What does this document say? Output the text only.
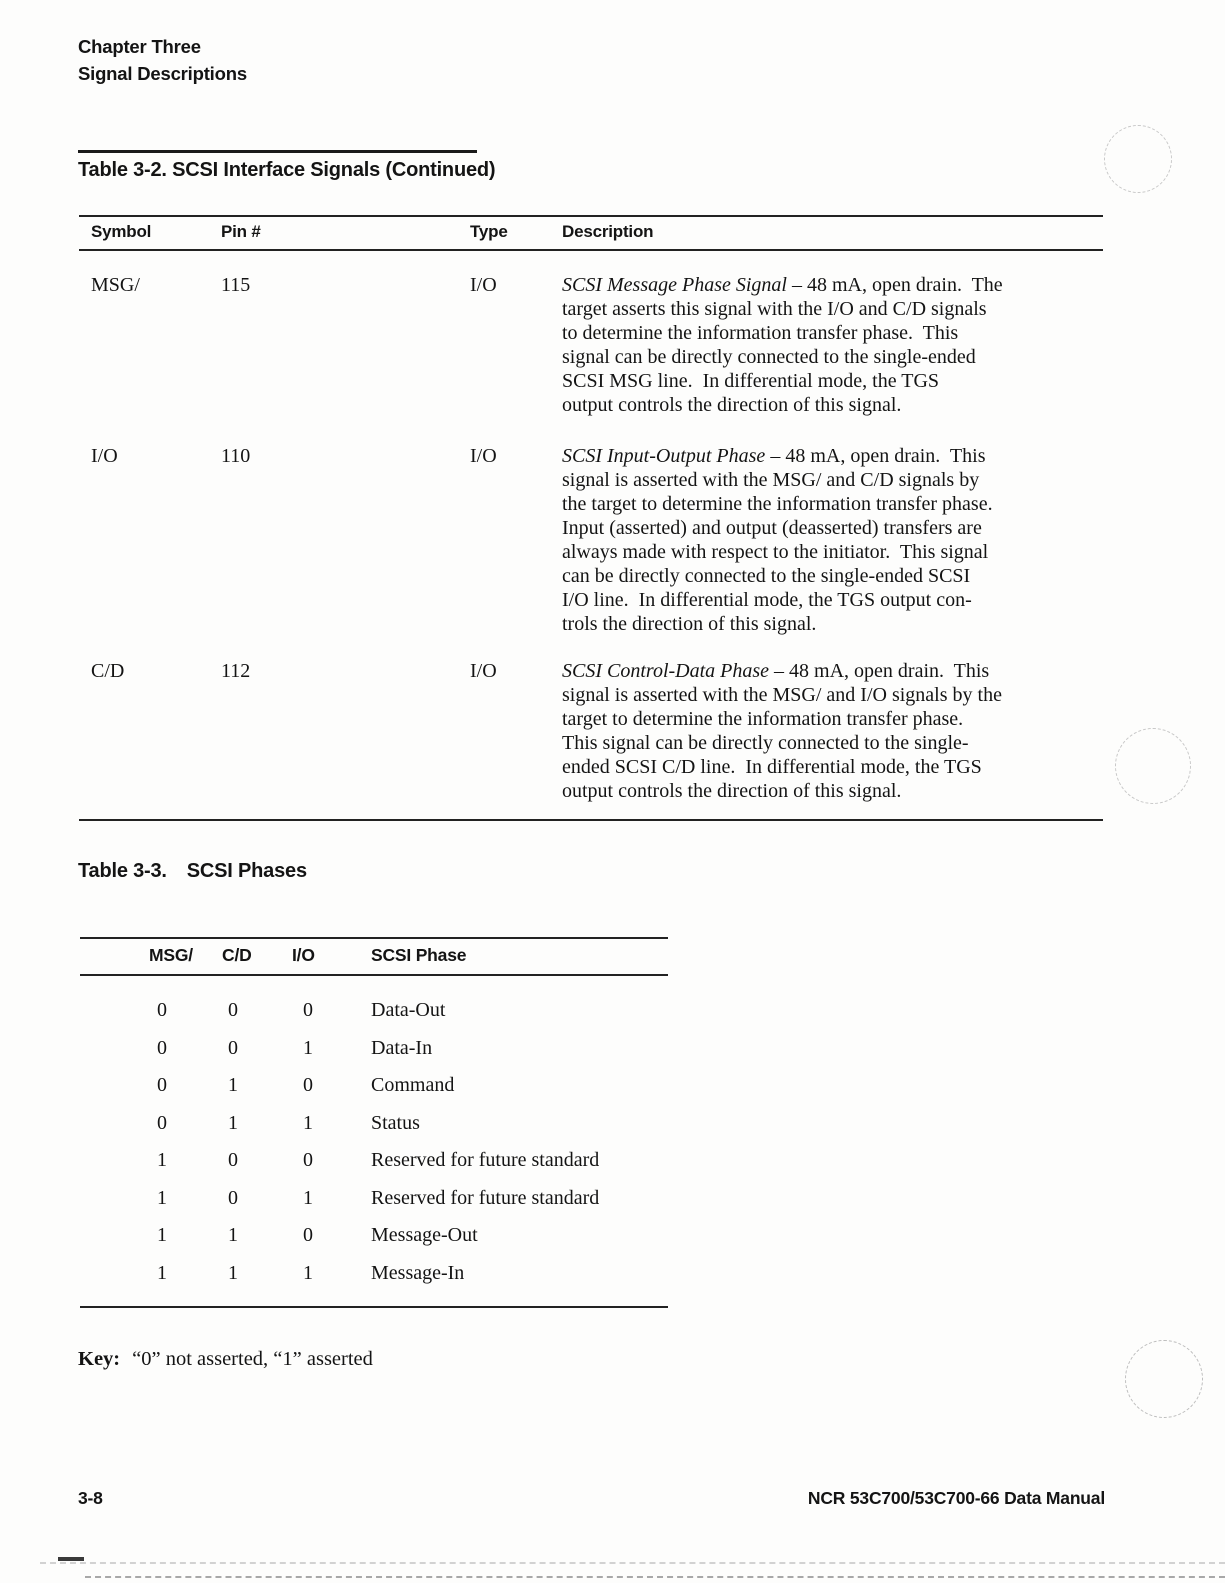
Chapter Three
Signal Descriptions
Table 3-2. SCSI Interface Signals (Continued)
Symbol	Pin #	Type	Description
MSG/	115	I/O	SCSI Message Phase Signal – 48 mA, open drain.  The
target asserts this signal with the I/O and C/D signals
to determine the information transfer phase.  This
signal can be directly connected to the single-ended
SCSI MSG line.  In differential mode, the TGS
output controls the direction of this signal.
I/O	110	I/O	SCSI Input-Output Phase – 48 mA, open drain.  This
signal is asserted with the MSG/ and C/D signals by
the target to determine the information transfer phase.
Input (asserted) and output (deasserted) transfers are
always made with respect to the initiator.  This signal
can be directly connected to the single-ended SCSI
I/O line.  In differential mode, the TGS output con-
trols the direction of this signal.
C/D	112	I/O	SCSI Control-Data Phase – 48 mA, open drain.  This
signal is asserted with the MSG/ and I/O signals by the
target to determine the information transfer phase.
This signal can be directly connected to the single-
ended SCSI C/D line.  In differential mode, the TGS
output controls the direction of this signal.
Table 3-3. SCSI Phases
MSG/	C/D	I/O	SCSI Phase
0	0	0	Data-Out
0	0	1	Data-In
0	1	0	Command
0	1	1	Status
1	0	0	Reserved for future standard
1	0	1	Reserved for future standard
1	1	0	Message-Out
1	1	1	Message-In
Key: “0” not asserted, “1” asserted
3-8	NCR 53C700/53C700-66 Data Manual
